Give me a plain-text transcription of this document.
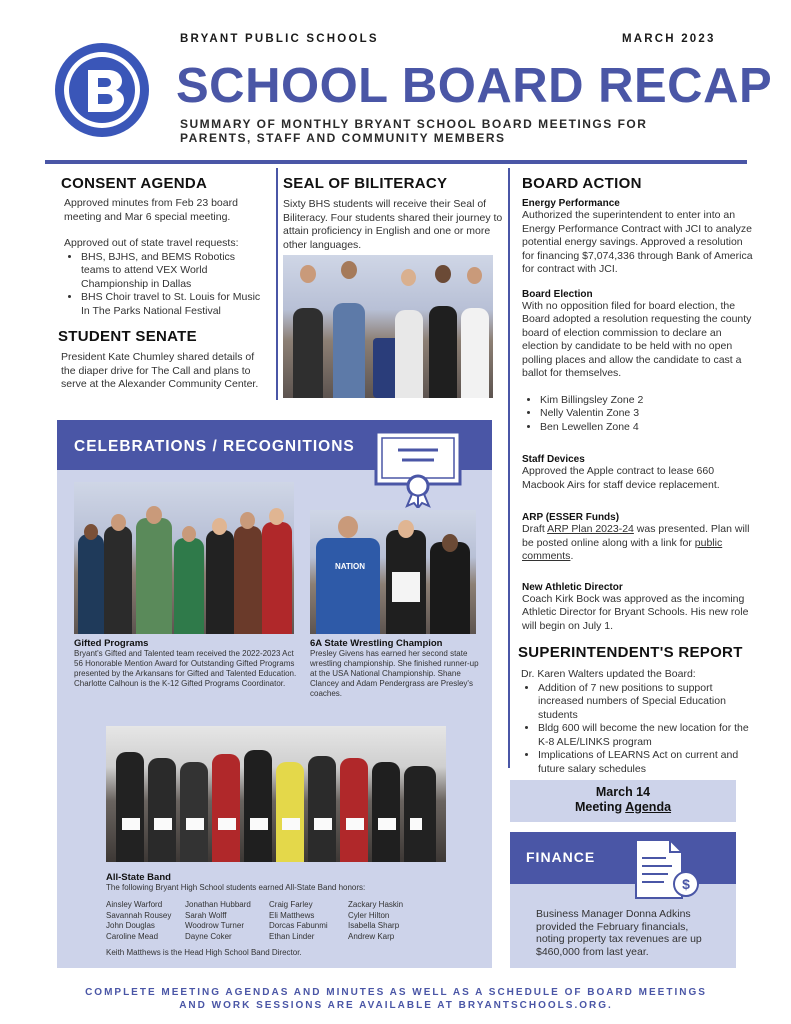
BRYANT PUBLIC SCHOOLS	MARCH 2023
SCHOOL BOARD RECAP
SUMMARY OF MONTHLY BRYANT SCHOOL BOARD MEETINGS FOR PARENTS, STAFF AND COMMUNITY MEMBERS
CONSENT AGENDA

Approved minutes from Feb 23 board meeting and Mar 6 special meeting.

Approved out of state travel requests:

• BHS, BJHS, and BEMS Robotics teams to attend VEX World Championship in Dallas
• BHS Choir travel to St. Louis for Music In The Parks National Festival
STUDENT SENATE

President Kate Chumley shared details of the diaper drive for The Call and plans to serve at the Alexander Community Center.

SEAL OF BILITERACY

Sixty BHS students will receive their Seal of Biliteracy. Four students shared their journey to attain proficiency in English and one or more other languages.

BOARD ACTION
Energy Performance

Authorized the superintendent to enter into an Energy Performance Contract with JCI to analyze potential energy savings. Approved a resolution for financing $7,074,336 through Bank of America for contract with JCI.

Board Election

With no opposition filed for board election, the Board adopted a resolution requesting the county board of election commission to declare an election by candidate to be held with no open polling places and allow the candidate to cast a ballot for themselves.

• Kim Billingsley Zone 2
• Nelly Valentin Zone 3
• Ben Lewellen Zone 4
Staff Devices

Approved the Apple contract to lease 660 Macbook Airs for staff device replacement.

ARP (ESSER Funds)

Draft ARP Plan 2023-24 was presented. Plan will be posted online along with a link for public comments.

New Athletic Director

Coach Kirk Bock was approved as the incoming Athletic Director for Bryant Schools. His new role will begin on July 1.

SUPERINTENDENT'S REPORT

Dr. Karen Walters updated the Board:

• Addition of 7 new positions to support increased numbers of Special Education students
• Bldg 600 will become the new location for the K-8 ALE/LINKS program
• Implications of LEARNS Act on current and future salary schedules
March 14
Meeting Agenda
FINANCE
$
Business Manager Donna Adkins provided the February financials, noting property tax revenues are up $460,000 from last year.
CELEBRATIONS / RECOGNITIONS
Gifted Programs
Bryant's Gifted and Talented team received the 2022-2023 Act 56 Honorable Mention Award for Outstanding Gifted Programs presented by the Arkansans for Gifted and Talented Education. Charlotte Calhoun is the K-12 Gifted Programs Coordinator.
NATION
6A State Wrestling Champion
Presley Givens has earned her second state wrestling championship. She finished runner-up at the USA National Championship. Shane Clancey and Adam Pendergrass are Presley's coaches.
All-State Band
The following Bryant High School students earned All-State Band honors:
Ainsley Warford
Savannah Rousey
John Douglas
Caroline Mead
Jonathan Hubbard
Sarah Wolff
Woodrow Turner
Dayne Coker
Craig Farley
Eli Matthews
Dorcas Fabunmi
Ethan Linder
Zackary Haskin
Cyler Hilton
Isabella Sharp
Andrew Karp
Keith Matthews is the Head High School Band Director.
COMPLETE MEETING AGENDAS AND MINUTES AS WELL AS A SCHEDULE OF BOARD MEETINGS
AND WORK SESSIONS ARE AVAILABLE AT BRYANTSCHOOLS.ORG.
